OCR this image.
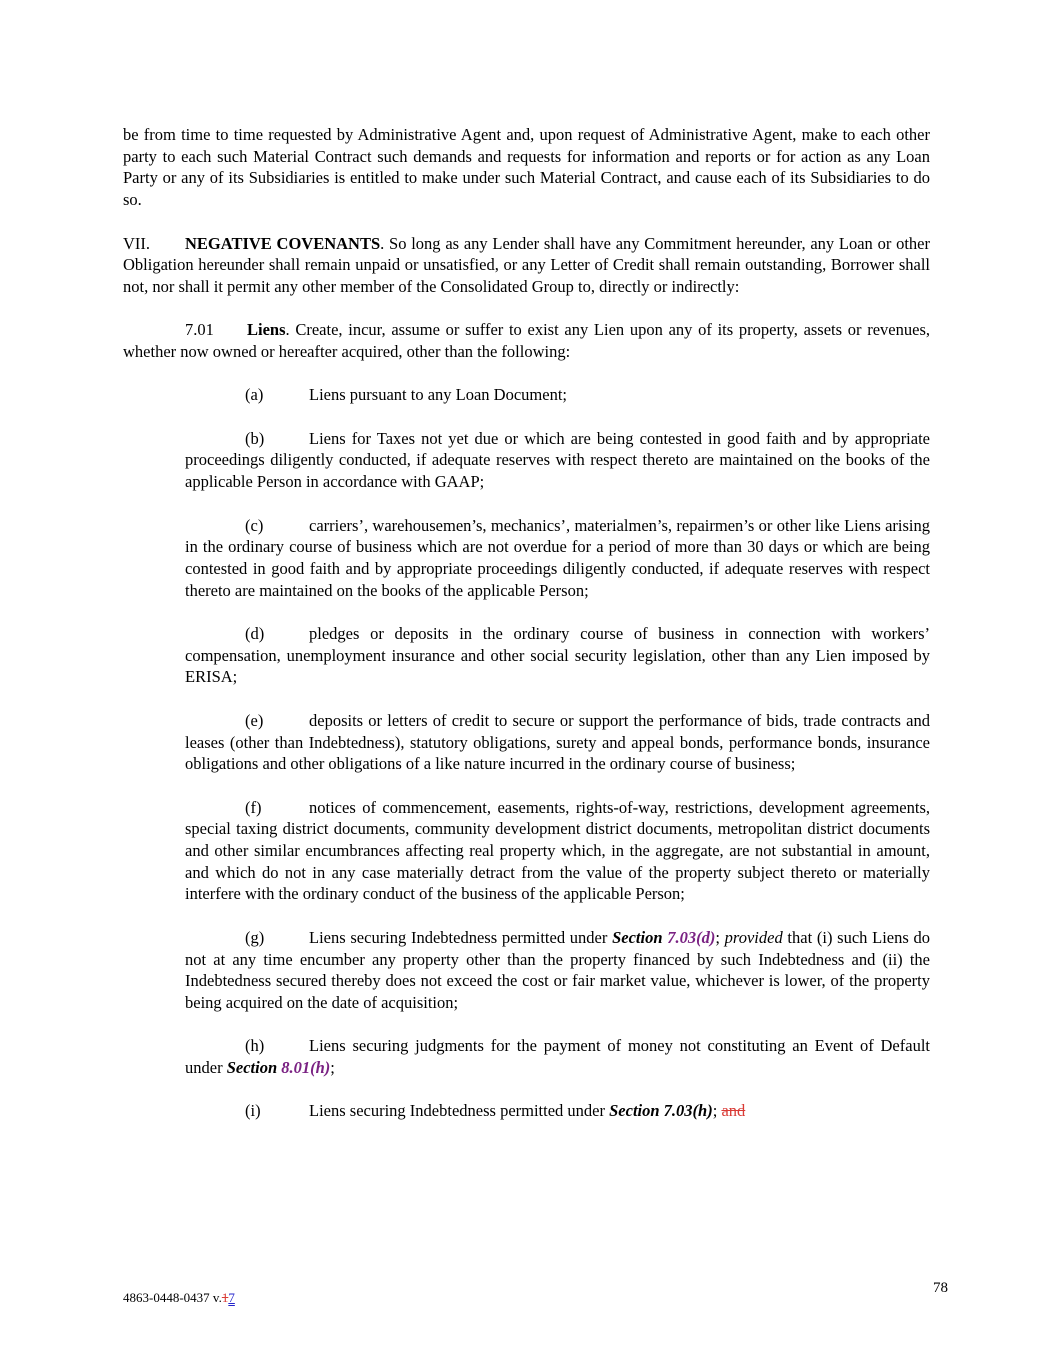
be from time to time requested by Administrative Agent and, upon request of Administrative Agent, make to each other party to each such Material Contract such demands and requests for information and reports or for action as any Loan Party or any of its Subsidiaries is entitled to make under such Material Contract, and cause each of its Subsidiaries to do so.

VII. NEGATIVE COVENANTS. So long as any Lender shall have any Commitment hereunder, any Loan or other Obligation hereunder shall remain unpaid or unsatisfied, or any Letter of Credit shall remain outstanding, Borrower shall not, nor shall it permit any other member of the Consolidated Group to, directly or indirectly:

7.01 Liens. Create, incur, assume or suffer to exist any Lien upon any of its property, assets or revenues, whether now owned or hereafter acquired, other than the following:

(a)	Liens pursuant to any Loan Document;

(b)	Liens for Taxes not yet due or which are being contested in good faith and by appropriate proceedings diligently conducted, if adequate reserves with respect thereto are maintained on the books of the applicable Person in accordance with GAAP;

(c)	carriers’, warehousemen’s, mechanics’, materialmen’s, repairmen’s or other like Liens arising in the ordinary course of business which are not overdue for a period of more than 30 days or which are being contested in good faith and by appropriate proceedings diligently conducted, if adequate reserves with respect thereto are maintained on the books of the applicable Person;

(d)	pledges or deposits in the ordinary course of business in connection with workers’ compensation, unemployment insurance and other social security legislation, other than any Lien imposed by ERISA;

(e)	deposits or letters of credit to secure or support the performance of bids, trade contracts and leases (other than Indebtedness), statutory obligations, surety and appeal bonds, performance bonds, insurance obligations and other obligations of a like nature incurred in the ordinary course of business;

(f)	notices of commencement, easements, rights-of-way, restrictions, development agreements, special taxing district documents, community development district documents, metropolitan district documents and other similar encumbrances affecting real property which, in the aggregate, are not substantial in amount, and which do not in any case materially detract from the value of the property subject thereto or materially interfere with the ordinary conduct of the business of the applicable Person;

(g)	Liens securing Indebtedness permitted under Section 7.03(d); provided that (i) such Liens do not at any time encumber any property other than the property financed by such Indebtedness and (ii) the Indebtedness secured thereby does not exceed the cost or fair market value, whichever is lower, of the property being acquired on the date of acquisition;

(h)	Liens securing judgments for the payment of money not constituting an Event of Default under Section 8.01(h);

(i)	Liens securing Indebtedness permitted under Section 7.03(h); and

4863-0448-0437 v.17
78
